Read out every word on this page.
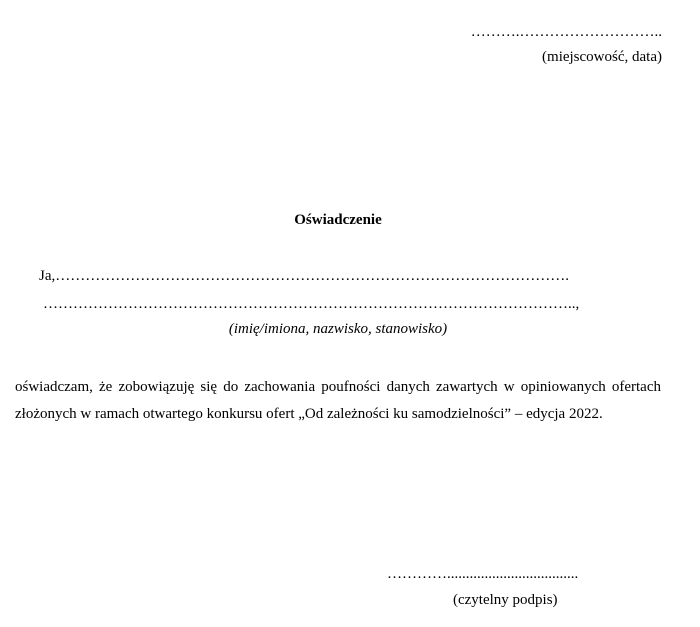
……….………………………..
(miejscowość, data)
Oświadczenie
Ja,………………………………………………………………………………………….
……………………………………………………………………………………………..,
(imię/imiona, nazwisko, stanowisko)
oświadczam, że zobowiązuję się do zachowania poufności danych zawartych w opiniowanych ofertach złożonych w ramach otwartego konkursu ofert „Od zależności ku samodzielności” – edycja 2022.
…………...................................
(czytelny podpis)
